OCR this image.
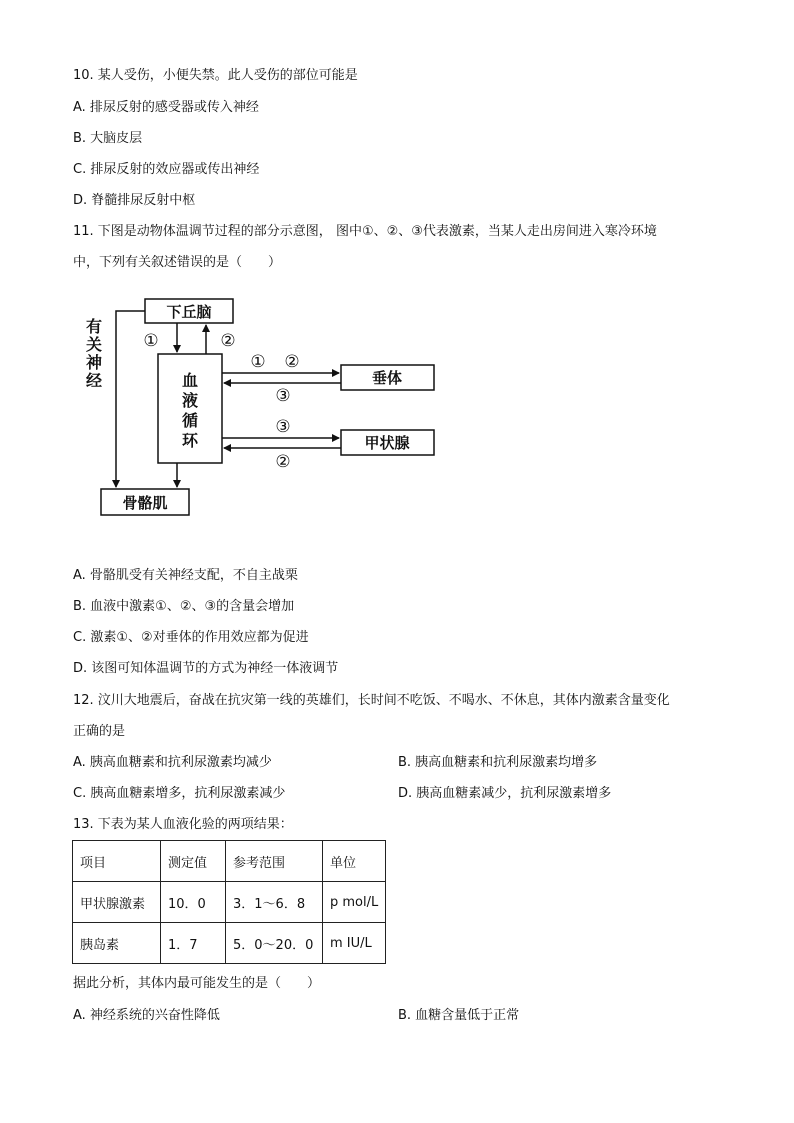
10. 某人受伤，小便失禁。此人受伤的部位可能是
A. 排尿反射的感受器或传入神经
B. 大脑皮层
C. 排尿反射的效应器或传出神经
D. 脊髓排尿反射中枢
11. 下图是动物体温调节过程的部分示意图， 图中①、②、③代表激素，当某人走出房间进入寒冷环境
中，下列有关叙述错误的是（　　）
下丘脑
垂体
甲状腺
骨骼肌
血
液
循
环
有
关
神
经
①	②
① ②
③
③
②
A. 骨骼肌受有关神经支配，不自主战栗
B. 血液中激素①、②、③的含量会增加
C. 激素①、②对垂体的作用效应都为促进
D. 该图可知体温调节的方式为神经一体液调节
12. 汶川大地震后，奋战在抗灾第一线的英雄们，长时间不吃饭、不喝水、不休息，其体内激素含量变化
正确的是
A. 胰高血糖素和抗利尿激素均减少	B. 胰高血糖素和抗利尿激素均增多
C. 胰高血糖素增多，抗利尿激素减少	D. 胰高血糖素减少，抗利尿激素增多
13. 下表为某人血液化验的两项结果：
项目	测定值	参考范围	单位
甲状腺激素	10．0	3．1～6．8	p mol/L
胰岛素	1．7	5．0～20．0	m IU/L
据此分析，其体内最可能发生的是（　　）
A. 神经系统的兴奋性降低	B. 血糖含量低于正常
